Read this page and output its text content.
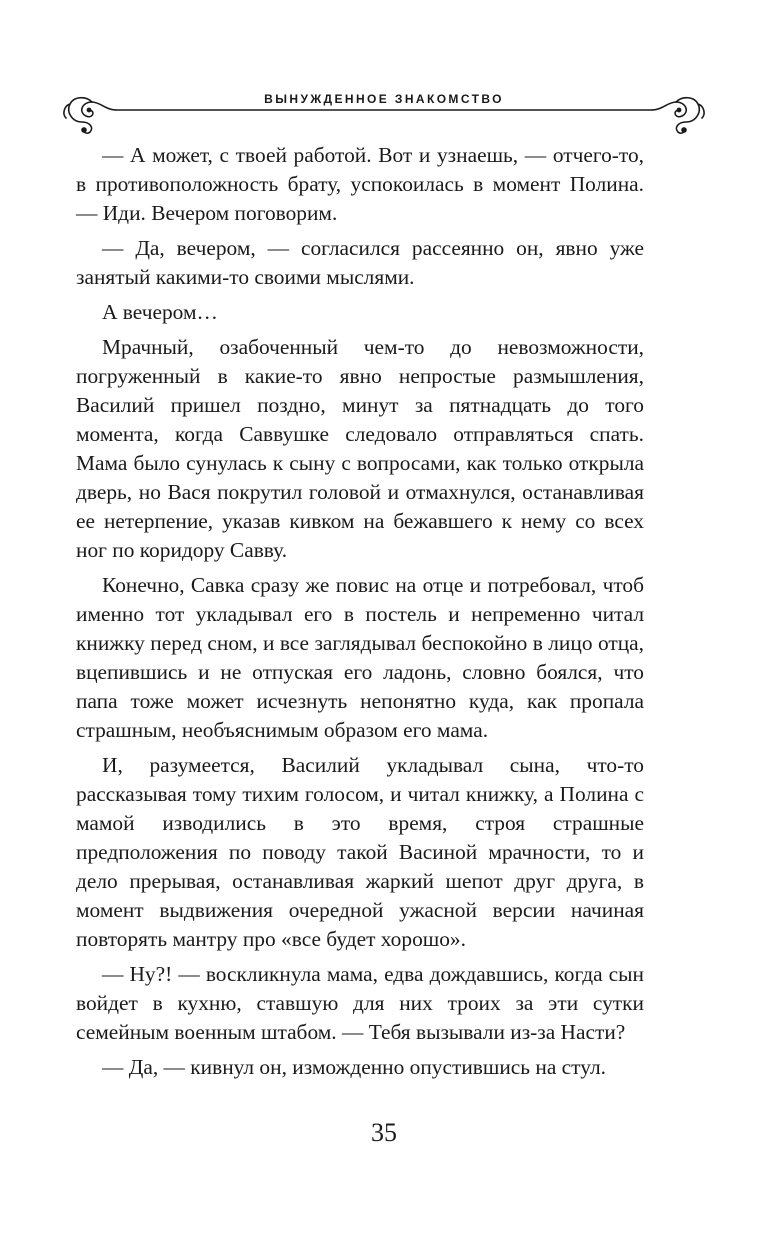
ВЫНУЖДЕННОЕ ЗНАКОМСТВО

— А может, с твоей работой. Вот и узнаешь, — отчего-то, в противоположность брату, успокоилась в момент Полина. — Иди. Вечером поговорим.

— Да, вечером, — согласился рассеянно он, явно уже занятый какими-то своими мыслями.

А вечером…

Мрачный, озабоченный чем-то до невозможности, погруженный в какие-то явно непростые размышления, Василий пришел поздно, минут за пятнадцать до того момента, когда Саввушке следовало отправляться спать. Мама было сунулась к сыну с вопросами, как только открыла дверь, но Вася покрутил головой и отмахнулся, останавливая ее нетерпение, указав кивком на бежавшего к нему со всех ног по коридору Савву.

Конечно, Савка сразу же повис на отце и потребовал, чтоб именно тот укладывал его в постель и непременно читал книжку перед сном, и все заглядывал беспокойно в лицо отца, вцепившись и не отпуская его ладонь, словно боялся, что папа тоже может исчезнуть непонятно куда, как пропала страшным, необъяснимым образом его мама.

И, разумеется, Василий укладывал сына, что-то рассказывая тому тихим голосом, и читал книжку, а Полина с мамой изводились в это время, строя страшные предположения по поводу такой Васиной мрачности, то и дело прерывая, останавливая жаркий шепот друг друга, в момент выдвижения очередной ужасной версии начиная повторять мантру про «все будет хорошо».

— Ну?! — воскликнула мама, едва дождавшись, когда сын войдет в кухню, ставшую для них троих за эти сутки семейным военным штабом. — Тебя вызывали из-за Насти?

— Да, — кивнул он, изможденно опустившись на стул.

35
